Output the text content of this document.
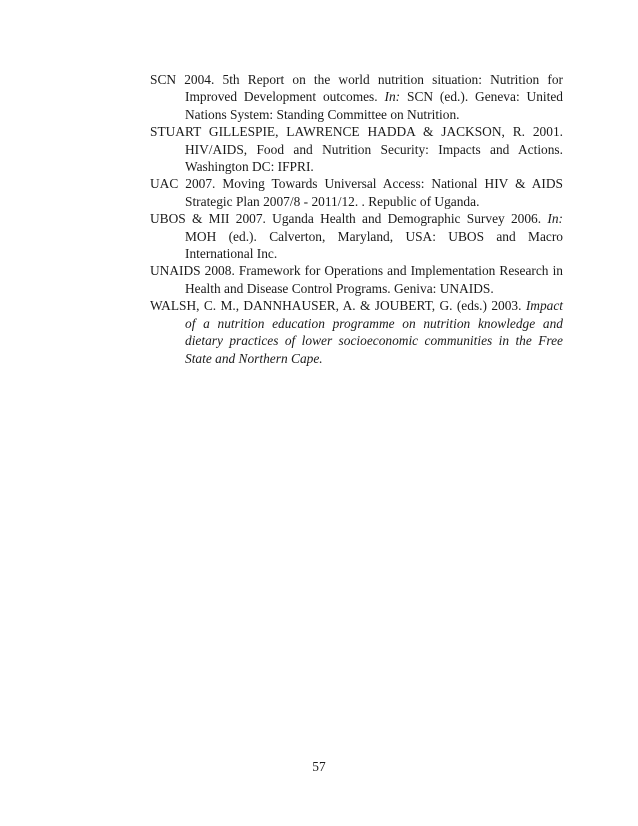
SCN 2004. 5th Report on the world nutrition situation: Nutrition for Improved Development outcomes. In: SCN (ed.). Geneva: United Nations System: Standing Committee on Nutrition.
STUART GILLESPIE, LAWRENCE HADDA & JACKSON, R. 2001. HIV/AIDS, Food and Nutrition Security: Impacts and Actions. Washington DC: IFPRI.
UAC 2007. Moving Towards Universal Access: National HIV & AIDS Strategic Plan 2007/8 - 2011/12. . Republic of Uganda.
UBOS & MII 2007. Uganda Health and Demographic Survey 2006. In: MOH (ed.). Calverton, Maryland, USA: UBOS and Macro International Inc.
UNAIDS 2008. Framework for Operations and Implementation Research in Health and Disease Control Programs. Geniva: UNAIDS.
WALSH, C. M., DANNHAUSER, A. & JOUBERT, G. (eds.) 2003. Impact of a nutrition education programme on nutrition knowledge and dietary practices of lower socioeconomic communities in the Free State and Northern Cape.
57
